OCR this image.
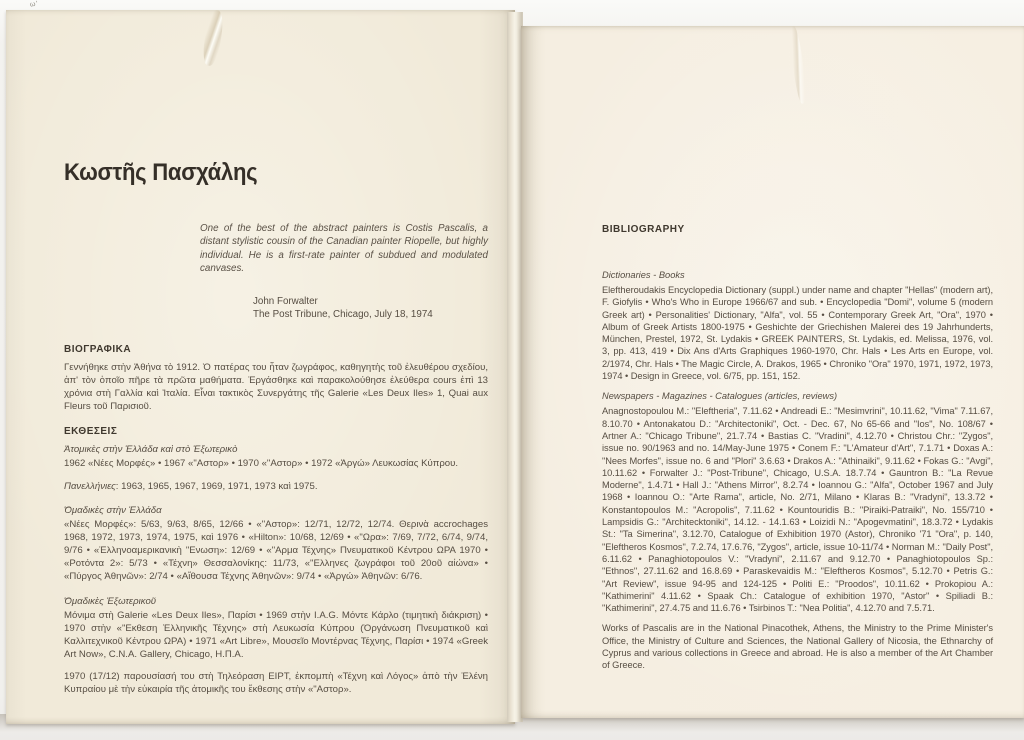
ω'
Κωστῆς Πασχάλης

One of the best of the abstract painters is Costis Pascalis, a distant stylistic cousin of the Canadian painter Riopelle, but highly individual. He is a first-rate painter of subdued and modulated canvases.

John Forwalter
The Post Tribune, Chicago, July 18, 1974
ΒΙΟΓΡΑΦΙΚΑ

Γεννήθηκε στὴν Ἀθήνα τὸ 1912. Ὁ πατέρας του ἦταν ζωγράφος, καθηγητὴς τοῦ ἐλευθέρου σχεδίου, ἀπ' τὸν ὁποῖο πῆρε τὰ πρῶτα μαθήματα. Ἐργάσθηκε καὶ παρακολούθησε ἐλεύθερα cours ἐπὶ 13 χρόνια στὴ Γαλλία καὶ Ἰταλία. Εἶναι τακτικὸς Συνεργάτης τῆς Galerie «Les Deux Iles» 1, Quai aux Fleurs τοῦ Παρισιοῦ.

ΕΚΘΕΣΕΙΣ

Ἀτομικὲς στὴν Ἑλλάδα καὶ στὸ Ἐξωτερικὸ

1962 «Νέες Μορφές» • 1967 «"Αστορ» • 1970 «"Αστορ» • 1972 «Ἀργώ» Λευκωσίας Κύπρου.

Πανελλήνιες: 1963, 1965, 1967, 1969, 1971, 1973 καὶ 1975.

Ὁμαδικὲς στὴν Ἑλλάδα

«Νέες Μορφές»: 5/63, 9/63, 8/65, 12/66 • «"Αστορ»: 12/71, 12/72, 12/74. Θερινὰ accrochages 1968, 1972, 1973, 1974, 1975, καὶ 1976 • «Hilton»: 10/68, 12/69 • «"Ωρα»: 7/69, 7/72, 6/74, 9/74, 9/76 • «Ἑλληνοαμερικανικὴ "Ενωση»: 12/69 • «"Αρμα Τέχνης» Πνευματικοῦ Κέντρου ΩΡΑ 1970 • «Ροτόντα 2»: 5/73 • «Τέχνη» Θεσσαλονίκης: 11/73, «"Ελληνες ζωγράφοι τοῦ 20οῦ αἰώνα» • «Πύργος Ἀθηνῶν»: 2/74 • «Αἴθουσα Τέχνης Ἀθηνῶν»: 9/74 • «Ἀργώ» Ἀθηνῶν: 6/76.

Ὁμαδικὲς Ἐξωτερικοῦ

Μόνιμα στὴ Galerie «Les Deux Iles», Παρίσι • 1969 στὴν I.A.G. Μόντε Κάρλο (τιμητικὴ διάκριση) • 1970 στὴν «"Εκθεση Ἑλληνικῆς Τέχνης» στὴ Λευκωσία Κύπρου (Ὀργάνωση Πνευματικοῦ καὶ Καλλιτεχνικοῦ Κέντρου ΩΡΑ) • 1971 «Art Libre», Μουσεῖο Μοντέρνας Τέχνης, Παρίσι • 1974 «Greek Art Now», C.N.A. Gallery, Chicago, Η.Π.Α.

1970 (17/12) παρουσίασή του στὴ Τηλεόραση ΕΙΡΤ, ἐκπομπὴ «Τέχνη καὶ Λόγος» ἀπὸ τὴν Ἑλένη Κυπραίου μὲ τὴν εὐκαιρία τῆς ἀτομικῆς του ἔκθεσης στὴν «"Αστορ».

BIBLIOGRAPHY

Dictionaries - Books

Eleftheroudakis Encyclopedia Dictionary (suppl.) under name and chapter "Hellas" (modern art), F. Giofylis • Who's Who in Europe 1966/67 and sub. • Encyclopedia "Domi", volume 5 (modern Greek art) • Personalities' Dictionary, "Alfa", vol. 55 • Contemporary Greek Art, "Ora", 1970 • Album of Greek Artists 1800-1975 • Geshichte der Griechishen Malerei des 19 Jahrhunderts, München, Prestel, 1972, St. Lydakis • GREEK PAINTERS, St. Lydakis, ed. Melissa, 1976, vol. 3, pp. 413, 419 • Dix Ans d'Arts Graphiques 1960-1970, Chr. Hals • Les Arts en Europe, vol. 2/1974, Chr. Hals • The Magic Circle, A. Drakos, 1965 • Chroniko "Ora" 1970, 1971, 1972, 1973, 1974 • Design in Greece, vol. 6/75, pp. 151, 152.

Newspapers - Magazines - Catalogues (articles, reviews)

Anagnostopoulou M.: "Eleftheria", 7.11.62 • Andreadi E.: "Mesimvrini", 10.11.62, "Vima" 7.11.67, 8.10.70 • Antonakatou D.: "Architectoniki", Oct. - Dec. 67, No 65-66 and "Ios", No. 108/67 • Artner A.: "Chicago Tribune", 21.7.74 • Bastias C. "Vradini", 4.12.70 • Christou Chr.: "Zygos", issue no. 90/1963 and no. 14/May-June 1975 • Conem F.: "L'Amateur d'Art", 7.1.71 • Doxas A.: "Nees Morfes", issue no. 6 and "Plori" 3.6.63 • Drakos A.: "Athinaiki", 9.11.62 • Fokas G.: "Avgi", 10.11.62 • Forwalter J.: "Post-Tribune", Chicago, U.S.A. 18.7.74 • Gauntron B.: "La Revue Moderne", 1.4.71 • Hall J.: "Athens Mirror", 8.2.74 • Ioannou G.: "Alfa", October 1967 and July 1968 • Ioannou O.: "Arte Rama", article, No. 2/71, Milano • Klaras B.: "Vradyni", 13.3.72 • Konstantopoulos M.: "Acropolis", 7.11.62 • Kountouridis B.: "Piraiki-Patraiki", No. 155/710 • Lampsidis G.: "Architecktoniki", 14.12. - 14.1.63 • Loizidi N.: "Apogevmatini", 18.3.72 • Lydakis St.: "Ta Simerina", 3.12.70, Catalogue of Exhibition 1970 (Astor), Chroniko '71 "Ora", p. 140, "Eleftheros Kosmos", 7.2.74, 17.6.76, "Zygos", article, issue 10-11/74 • Norman M.: "Daily Post", 6.11.62 • Panaghiotopoulos V.: "Vradyni", 2.11.67 and 9.12.70 • Panaghiotopoulos Sp.: "Ethnos", 27.11.62 and 16.8.69 • Paraskevaidis M.: "Eleftheros Kosmos", 5.12.70 • Petris G.: "Art Review", issue 94-95 and 124-125 • Politi E.: "Proodos", 10.11.62 • Prokopiou A.: "Kathimerini" 4.11.62 • Spaak Ch.: Catalogue of exhibition 1970, "Astor" • Spiliadi B.: "Kathimerini", 27.4.75 and 11.6.76 • Tsirbinos T.: "Nea Politia", 4.12.70 and 7.5.71.

Works of Pascalis are in the National Pinacothek, Athens, the Ministry to the Prime Minister's Office, the Ministry of Culture and Sciences, the National Gallery of Nicosia, the Ethnarchy of Cyprus and various collections in Greece and abroad. He is also a member of the Art Chamber of Greece.
